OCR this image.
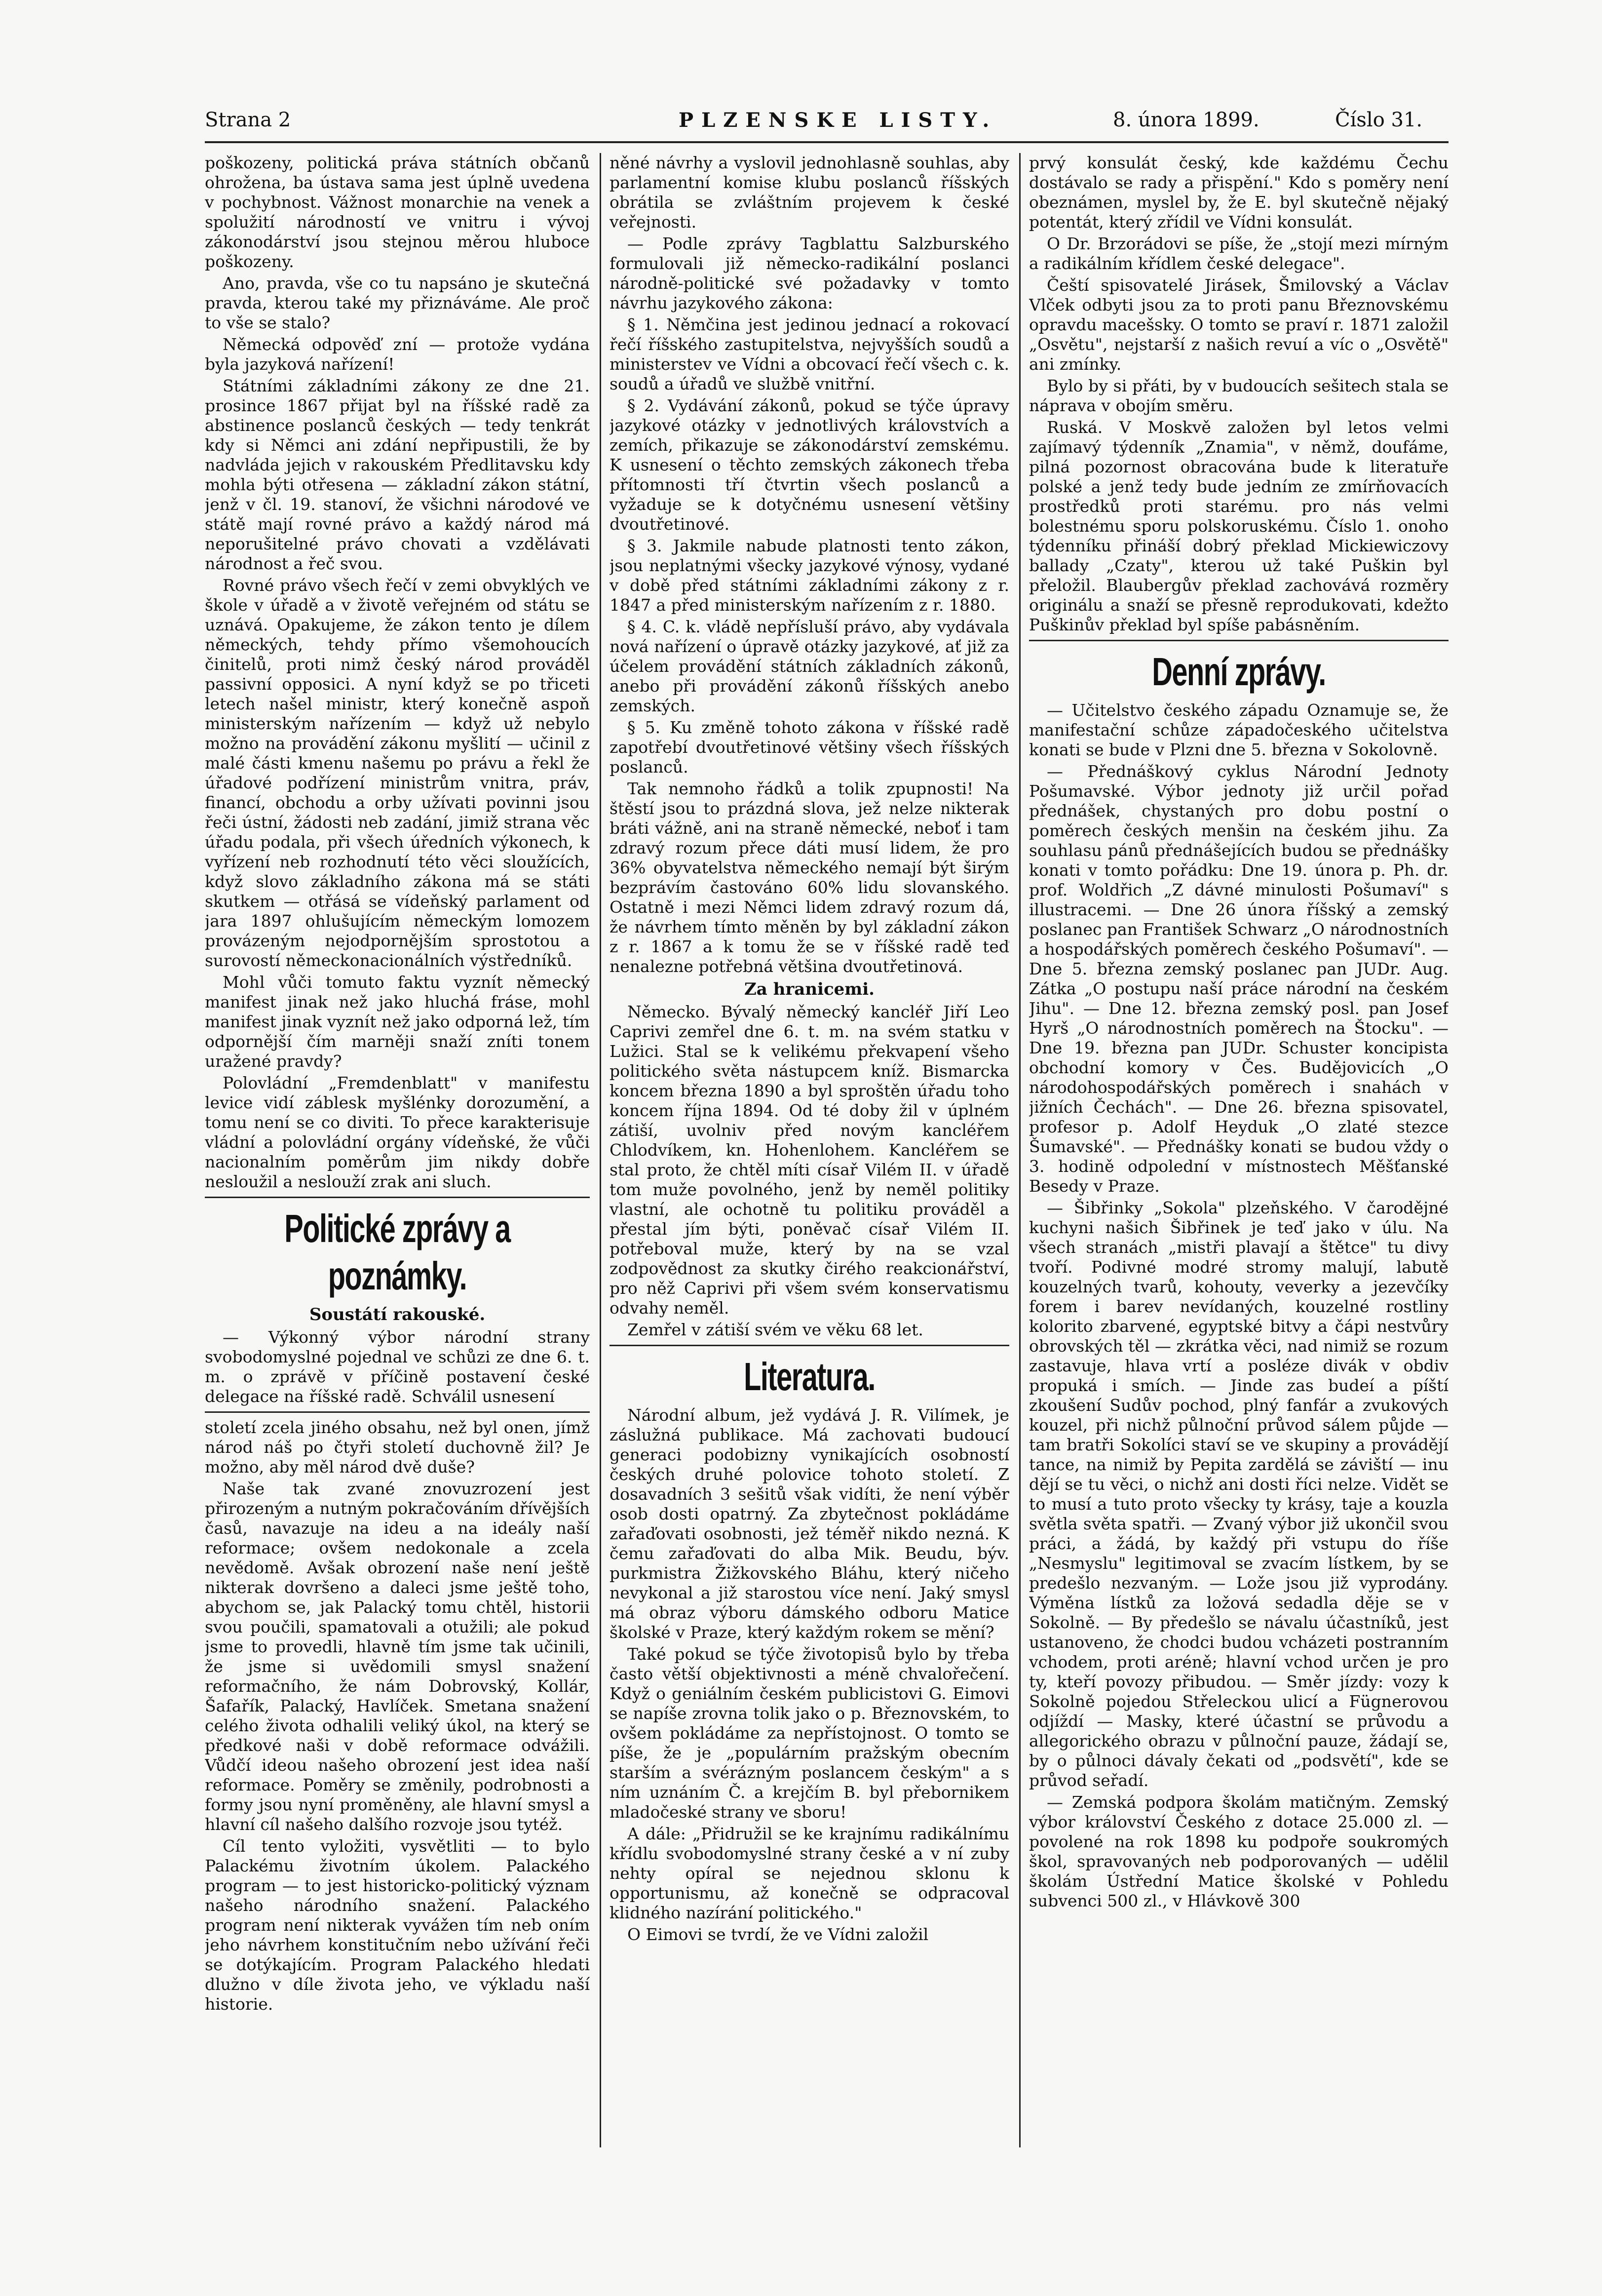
Strana 2	PLZENSKE LISTY.	8. února 1899.	Číslo 31.

poškozeny, politická práva státních občanů ohrožena, ba ústava sama jest úplně uvedena v pochybnost. Vážnost monarchie na venek a spolužití národností ve vnitru i vývoj zákonodárství jsou stejnou měrou hluboce poškozeny.

Ano, pravda, vše co tu napsáno je skutečná pravda, kterou také my přiznáváme. Ale proč to vše se stalo?

Německá odpověď zní — protože vydána byla jazyková nařízení!

Státními základními zákony ze dne 21. prosince 1867 přijat byl na říšské radě za abstinence poslanců českých — tedy tenkrát kdy si Němci ani zdání nepřipustili, že by nadvláda jejich v rakouském Předlitavsku kdy mohla býti otřesena — základní zákon státní, jenž v čl. 19. stanoví, že všichni národové ve státě mají rovné právo a každý národ má neporušitelné právo chovati a vzdělávati národnost a řeč svou.

Rovné právo všech řečí v zemi obvyklých ve škole v úřadě a v životě veřejném od státu se uznává. Opakujeme, že zákon tento je dílem německých, tehdy přímo všemohoucích činitelů, proti nimž český národ prováděl passivní opposici. A nyní když se po třiceti letech našel ministr, který konečně aspoň ministerským nařízením — když už nebylo možno na provádění zákonu myšlití — učinil z malé části kmenu našemu po právu a řekl že úřadové podřízení ministrům vnitra, práv, financí, obchodu a orby užívati povinni jsou řeči ústní, žádosti neb zadání, jimiž strana věc úřadu podala, při všech úředních výkonech, k vyřízení neb rozhodnutí této věci sloužících, když slovo základního zákona má se státi skutkem — otřásá se vídeňský parlament od jara 1897 ohlušujícím německým lomozem provázeným nejodpornějším sprostotou a surovostí německonacionálních výstředníků.

Mohl vůči tomuto faktu vyznít německý manifest jinak než jako hluchá fráse, mohl manifest jinak vyznít než jako odporná lež, tím odpornější čím marněji snaží zníti tonem uražené pravdy?

Polovládní „Fremdenblatt" v manifestu levice vidí záblesk myšlénky dorozumění, a tomu není se co diviti. To přece karakterisuje vládní a polovládní orgány vídeňské, že vůči nacionalním poměrům jim nikdy dobře nesloužil a neslouží zrak ani sluch.

Politické zprávy a poznámky.
Soustátí rakouské.

— Výkonný výbor národní strany svobodomyslné pojednal ve schůzi ze dne 6. t. m. o zprávě v příčině postavení české delegace na říšské radě. Schválil usnesení

století zcela jiného obsahu, než byl onen, jímž národ náš po čtyři století duchovně žil? Je možno, aby měl národ dvě duše?

Naše tak zvané znovuzrození jest přirozeným a nutným pokračováním dřívějších časů, navazuje na ideu a na ideály naší reformace; ovšem nedokonale a zcela nevědomě. Avšak obrození naše není ještě nikterak dovršeno a daleci jsme ještě toho, abychom se, jak Palacký tomu chtěl, historii svou poučili, spamatovali a otužili; ale pokud jsme to provedli, hlavně tím jsme tak učinili, že jsme si uvědomili smysl snažení reformačního, že nám Dobrovský, Kollár, Šafařík, Palacký, Havlíček. Smetana snažení celého života odhalili veliký úkol, na který se předkové naši v době reformace odvážili. Vůdčí ideou našeho obrození jest idea naší reformace. Poměry se změnily, podrobnosti a formy jsou nyní proměněny, ale hlavní smysl a hlavní cíl našeho dalšího rozvoje jsou tytéž.

Cíl tento vyložiti, vysvětliti — to bylo Palackému životním úkolem. Palackého program — to jest historicko-politický význam našeho národního snažení. Palackého program není nikterak vyvážen tím neb oním jeho návrhem konstitučním nebo užívání řeči se dotýkajícím. Program Palackého hledati dlužno v díle života jeho, ve výkladu naší historie.

něné návrhy a vyslovil jednohlasně souhlas, aby parlamentní komise klubu poslanců říšských obrátila se zvláštním projevem k české veřejnosti.

— Podle zprávy Tagblattu Salzburského formulovali již německo-radikální poslanci národně-politické své požadavky v tomto návrhu jazykového zákona:

§ 1. Němčina jest jedinou jednací a rokovací řečí říšského zastupitelstva, nejvyšších soudů a ministerstev ve Vídni a obcovací řečí všech c. k. soudů a úřadů ve službě vnitřní.

§ 2. Vydávání zákonů, pokud se týče úpravy jazykové otázky v jednotlivých královstvích a zemích, přikazuje se zákonodárství zemskému. K usnesení o těchto zemských zákonech třeba přítomnosti tří čtvrtin všech poslanců a vyžaduje se k dotyčnému usnesení většiny dvoutřetinové.

§ 3. Jakmile nabude platnosti tento zákon, jsou neplatnými všecky jazykové výnosy, vydané v době před státními základními zákony z r. 1847 a před ministerským nařízením z r. 1880.

§ 4. C. k. vládě nepřísluší právo, aby vydávala nová nařízení o úpravě otázky jazykové, ať již za účelem provádění státních základních zákonů, anebo při provádění zákonů říšských anebo zemských.

§ 5. Ku změně tohoto zákona v říšské radě zapotřebí dvoutřetinové většiny všech říšských poslanců.

Tak nemnoho řádků a tolik zpupnosti! Na štěstí jsou to prázdná slova, jež nelze nikterak bráti vážně, ani na straně německé, neboť i tam zdravý rozum přece dáti musí lidem, že pro 36% obyvatelstva německého nemají být širým bezprávím častováno 60% lidu slovanského. Ostatně i mezi Němci lidem zdravý rozum dá, že návrhem tímto měněn by byl základní zákon z r. 1867 a k tomu že se v říšské radě teď nenalezne potřebná většina dvoutřetinová.

Za hranicemi.

Německo. Bývalý německý kancléř Jiří Leo Caprivi zemřel dne 6. t. m. na svém statku v Lužici. Stal se k velikému překvapení všeho politického světa nástupcem kníž. Bismarcka koncem března 1890 a byl sproštěn úřadu toho koncem října 1894. Od té doby žil v úplném zátiší, uvolniv před novým kancléřem Chlodvíkem, kn. Hohenlohem. Kancléřem se stal proto, že chtěl míti císař Vilém II. v úřadě tom muže povolného, jenž by neměl politiky vlastní, ale ochotně tu politiku prováděl a přestal jím býti, poněvač císař Vilém II. potřeboval muže, který by na se vzal zodpovědnost za skutky čirého reakcionářství, pro něž Caprivi při všem svém konservatismu odvahy neměl.

Zemřel v zátiší svém ve věku 68 let.

Literatura.

Národní album, jež vydává J. R. Vilímek, je záslužná publikace. Má zachovati budoucí generaci podobizny vynikajících osobností českých druhé polovice tohoto století. Z dosavadních 3 sešitů však vidíti, že není výběr osob dosti opatrný. Za zbytečnost pokládáme zařaďovati osobnosti, jež téměř nikdo nezná. K čemu zařaďovati do alba Mik. Beudu, býv. purkmistra Žižkovského Bláhu, který ničeho nevykonal a již starostou více není. Jaký smysl má obraz výboru dámského odboru Matice školské v Praze, který každým rokem se mění?

Také pokud se týče životopisů bylo by třeba často větší objektivnosti a méně chvalořečení. Když o geniálním českém publicistovi G. Eimovi se napíše zrovna tolik jako o p. Březnovském, to ovšem pokládáme za nepřístojnost. O tomto se píše, že je „populárním pražským obecním starším a svérázným poslancem českým" a s ním uznáním Č. a krejčím B. byl přebornikem mladočeské strany ve sboru!

A dále: „Přidružil se ke krajnímu radikálnímu křídlu svobodomyslné strany české a v ní zuby nehty opíral se nejednou sklonu k opportunismu, až konečně se odpracoval klidného nazírání politického."

O Eimovi se tvrdí, že ve Vídni založil

prvý konsulát český, kde každému Čechu dostávalo se rady a přispění." Kdo s poměry není obeznámen, myslel by, že E. byl skutečně nějaký potentát, který zřídil ve Vídni konsulát.

O Dr. Brzorádovi se píše, že „stojí mezi mírným a radikálním křídlem české delegace".

Čeští spisovatelé Jirásek, Šmilovský a Václav Vlček odbyti jsou za to proti panu Březnovskému opravdu macešsky. O tomto se praví r. 1871 založil „Osvětu", nejstarší z našich revuí a víc o „Osvětě" ani zmínky.

Bylo by si přáti, by v budoucích sešitech stala se náprava v obojím směru.

Ruská. V Moskvě založen byl letos velmi zajímavý týdenník „Znamia", v němž, doufáme, pilná pozornost obracována bude k literatuře polské a jenž tedy bude jedním ze zmírňovacích prostředků proti starému. pro nás velmi bolestnému sporu polskoruskému. Číslo 1. onoho týdenníku přináší dobrý překlad Mickiewiczovy ballady „Czaty", kterou už také Puškin byl přeložil. Blaubergův překlad zachovává rozměry originálu a snaží se přesně reprodukovati, kdežto Puškinův překlad byl spíše pabásněním.

Denní zprávy.

— Učitelstvo českého západu Oznamuje se, že manifestační schůze západočeského učitelstva konati se bude v Plzni dne 5. března v Sokolovně.

— Přednáškový cyklus Národní Jednoty Pošumavské. Výbor jednoty již určil pořad přednášek, chystaných pro dobu postní o poměrech českých menšin na českém jihu. Za souhlasu pánů přednášejících budou se přednášky konati v tomto pořádku: Dne 19. února p. Ph. dr. prof. Woldřich „Z dávné minulosti Pošumaví" s illustracemi. — Dne 26 února říšský a zemský poslanec pan František Schwarz „O národnostních a hospodářských poměrech českého Pošumaví". — Dne 5. března zemský poslanec pan JUDr. Aug. Zátka „O postupu naší práce národní na českém Jihu". — Dne 12. března zemský posl. pan Josef Hyrš „O národnostních poměrech na Štocku". — Dne 19. března pan JUDr. Schuster koncipista obchodní komory v Čes. Budějovicích „O národohospodářských poměrech i snahách v jižních Čechách". — Dne 26. března spisovatel, profesor p. Adolf Heyduk „O zlaté stezce Šumavské". — Přednášky konati se budou vždy o 3. hodině odpolední v místnostech Měšťanské Besedy v Praze.

— Šibřinky „Sokola" plzeňského. V čarodějné kuchyni našich Šibřinek je teď jako v úlu. Na všech stranách „mistři plavají a štětce" tu divy tvoří. Podivné modré stromy malují, labutě kouzelných tvarů, kohouty, veverky a jezevčíky forem i barev nevídaných, kouzelné rostliny kolorito zbarvené, egyptské bitvy a čápi nestvůry obrovských těl — zkrátka věci, nad nimiž se rozum zastavuje, hlava vrtí a posléze divák v obdiv propuká i smích. — Jinde zas budeí a píští zkoušení Sudův pochod, plný fanfár a zvukových kouzel, při nichž půlnoční průvod sálem půjde — tam bratři Sokolíci staví se ve skupiny a provádějí tance, na nimiž by Pepita zardělá se záviští — inu dějí se tu věci, o nichž ani dosti říci nelze. Vidět se to musí a tuto proto všecky ty krásy, taje a kouzla světla světa spatři. — Zvaný výbor již ukončil svou práci, a žádá, by každý při vstupu do říše „Nesmyslu" legitimoval se zvacím lístkem, by se predešlo nezvaným. — Lože jsou již vyprodány. Výměna lístků za ložová sedadla děje se v Sokolně. — By předešlo se návalu účastníků, jest ustanoveno, že chodci budou vcházeti postranním vchodem, proti aréně; hlavní vchod určen je pro ty, kteří povozy přibudou. — Směr jízdy: vozy k Sokolně pojedou Střeleckou ulicí a Fügnerovou odjíždí — Masky, které účastní se průvodu a allegorického obrazu v půlnoční pauze, žádají se, by o půlnoci dávaly čekati od „podsvětí", kde se průvod seřadí.

— Zemská podpora školám matičným. Zemský výbor království Českého z dotace 25.000 zl. — povolené na rok 1898 ku podpoře soukromých škol, spravovaných neb podporovaných — udělil školám Ústřední Matice školské v Pohledu subvenci 500 zl., v Hlávkově 300
